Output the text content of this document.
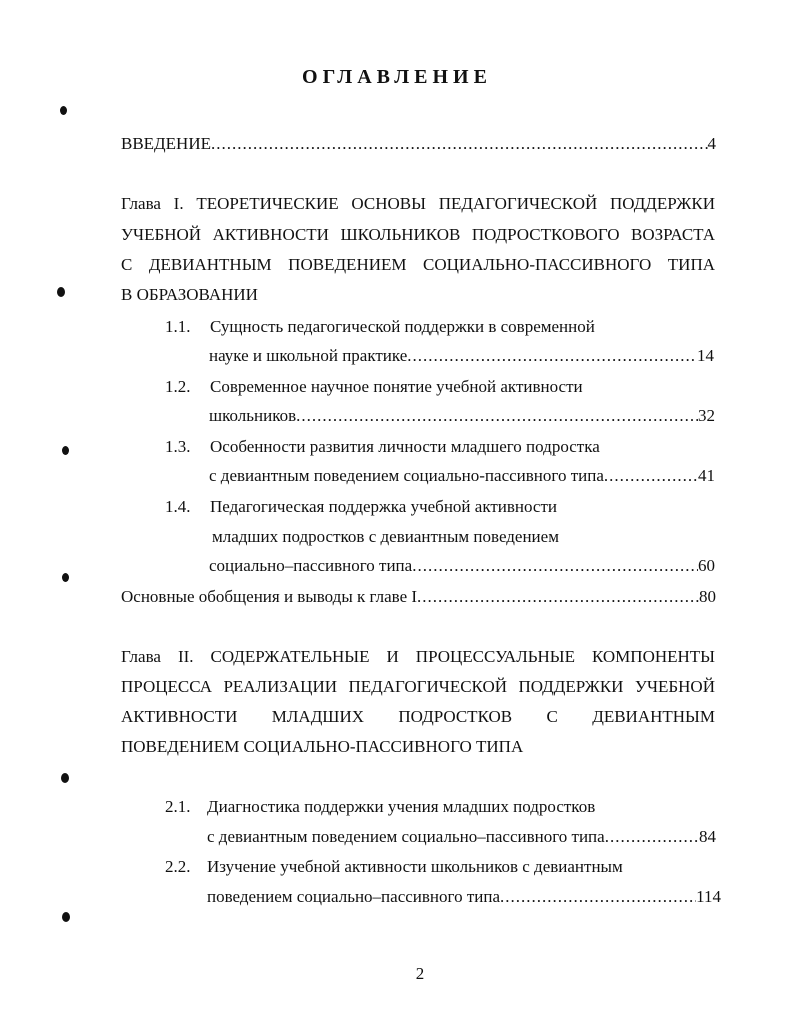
ОГЛАВЛЕНИЕ
ВВЕДЕНИЕ .....	4
Глава I. ТЕОРЕТИЧЕСКИЕ ОСНОВЫ ПЕДАГОГИЧЕСКОЙ ПОДДЕРЖКИ
УЧЕБНОЙ АКТИВНОСТИ ШКОЛЬНИКОВ ПОДРОСТКОВОГО ВОЗРАСТА
С ДЕВИАНТНЫМ ПОВЕДЕНИЕМ СОЦИАЛЬНО-ПАССИВНОГО ТИПА
В ОБРАЗОВАНИИ
1.1. Сущность педагогической поддержки в современной
науке и школьной практике .....	14
1.2. Современное научное понятие учебной активности
школьников .....	32
1.3. Особенности развития личности младшего подростка
с девиантным поведением социально-пассивного типа .....	41
1.4. Педагогическая поддержка учебной активности
младших подростков с девиантным поведением
социально–пассивного типа .....	60
Основные обобщения и выводы к главе I .....	80
Глава II. СОДЕРЖАТЕЛЬНЫЕ И ПРОЦЕССУАЛЬНЫЕ КОМПОНЕНТЫ
ПРОЦЕССА РЕАЛИЗАЦИИ ПЕДАГОГИЧЕСКОЙ ПОДДЕРЖКИ УЧЕБНОЙ
АКТИВНОСТИ МЛАДШИХ ПОДРОСТКОВ С ДЕВИАНТНЫМ
ПОВЕДЕНИЕМ СОЦИАЛЬНО-ПАССИВНОГО ТИПА
2.1. Диагностика поддержки учения младших подростков
с девиантным поведением социально–пассивного типа .....	84
2.2. Изучение учебной активности школьников с девиантным
поведением социально–пассивного типа .....	114
2
